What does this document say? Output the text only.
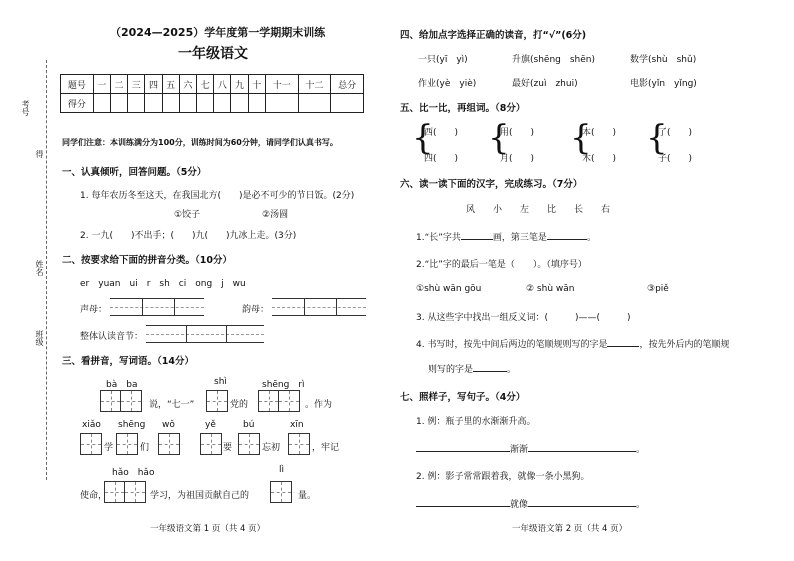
考号
得
姓名
班级
（2024—2025）学年度第一学期期末训练
一年级语文
题号	一	二	三	四	五	六	七	八	九	十	十一	十二	总分
得分													
同学们注意：本训练满分为100分，训练时间为60分钟，请同学们认真书写。
一、认真倾听，回答问题。（5分）
1. 每年农历冬至这天，在我国北方(　　)是必不可少的节日饭。(2分)
①饺子	②汤圆
2. 一九(　　)不出手；(　　)九(　　)九冰上走。(3分)
二、按要求给下面的拼音分类。（10分）
er　yuan　ui　r　sh　ci　ong　j　wu
声母：	韵母：
整体认读音节：
三、看拼音，写词语。（14分）
bà　ba	shì	shēng　rì
说，“七一”	党的	。作为
xiǎo shēng wǒ	yě	bú	xīn
学	们	要	忘初	，牢记
hǎo　hǎo	lì
使命，	学习，为祖国贡献自己的	量。
一年级语文第 1 页（共 4 页）
四、给加点字选择正确的读音，打“√”(6分)
一只(yī　yì)	升旗(shēng　shēn)	数学(shù　shǔ)
作业(yè　yiè)	最好(zuì　zhui)	电影(yǐn　yǐng)
五、比一比，再组词。（8分）
{
西(　　)
四(　　)
{
用(　　)
月(　　)
{
本(　　)
木(　　)
{
了(　　)
子(　　)
六、读一读下面的汉字，完成练习。（7分）
风　　小　　左　　比　　长　　右
1.“长”字共	画，第三笔是	。
2.“比”字的最后一笔是（　　）。（填序号）
①shù wān gōu	② shù wān	③piě
3. 从这些字中找出一组反义词：(　　　)——(　　　)
4. 书写时，按先中间后两边的笔顺规则写的字是	，按先外后内的笔顺规
则写的字是	。
七、照样子，写句子。（4分）
1. 例：瓶子里的水渐渐升高。
渐渐	。
2. 例：影子常常跟着我，就像一条小黑狗。
就像	。
一年级语文第 2 页（共 4 页）
